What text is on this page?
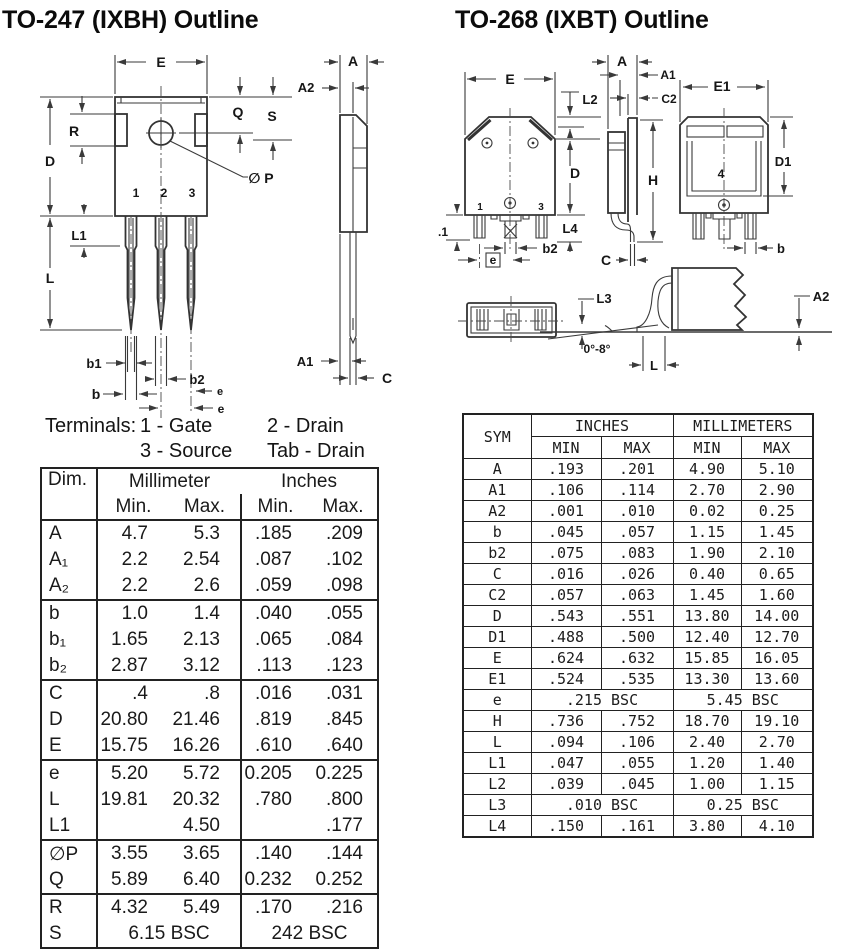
TO-247 (IXBH) Outline	TO-268 (IXBT) Outline
E
D
R
Q S
∅ P
1 2 3
L1
L
b1
b
b2
e
e
A
A2
A1
C
E
L2
D
L4
b2
e
.1
1	3
A
A1
C2
H
C
E1
D1
4
b
L3
0°-8°
L
A2
Terminals: 1 - Gate
3 - Source
2 - Drain
Tab - Drain
Dim.	Millimeter		Inches	
	Min.	Max.	Min.	Max.
A	4.7	5.3	.185	.209
A₁	2.2	2.54	.087	.102
A₂	2.2	2.6	.059	.098
b	1.0	1.4	.040	.055
b₁	1.65	2.13	.065	.084
b₂	2.87	3.12	.113	.123
C	.4	.8	.016	.031
D	20.80	21.46	.819	.845
E	15.75	16.26	.610	.640
e	5.20	5.72	0.205	0.225
L	19.81	20.32	.780	.800
L1		4.50		.177
∅P	3.55	3.65	.140	.144
Q	5.89	6.40	0.232	0.252
R	4.32	5.49	.170	.216
S	6.15 BSC		242 BSC	
SYM	INCHES		MILLIMETERS	
	MIN	MAX	MIN	MAX
A	.193	.201	4.90	5.10
A1	.106	.114	2.70	2.90
A2	.001	.010	0.02	0.25
b	.045	.057	1.15	1.45
b2	.075	.083	1.90	2.10
C	.016	.026	0.40	0.65
C2	.057	.063	1.45	1.60
D	.543	.551	13.80	14.00
D1	.488	.500	12.40	12.70
E	.624	.632	15.85	16.05
E1	.524	.535	13.30	13.60
e	.215 BSC		5.45 BSC	
H	.736	.752	18.70	19.10
L	.094	.106	2.40	2.70
L1	.047	.055	1.20	1.40
L2	.039	.045	1.00	1.15
L3	.010 BSC		0.25 BSC	
L4	.150	.161	3.80	4.10
